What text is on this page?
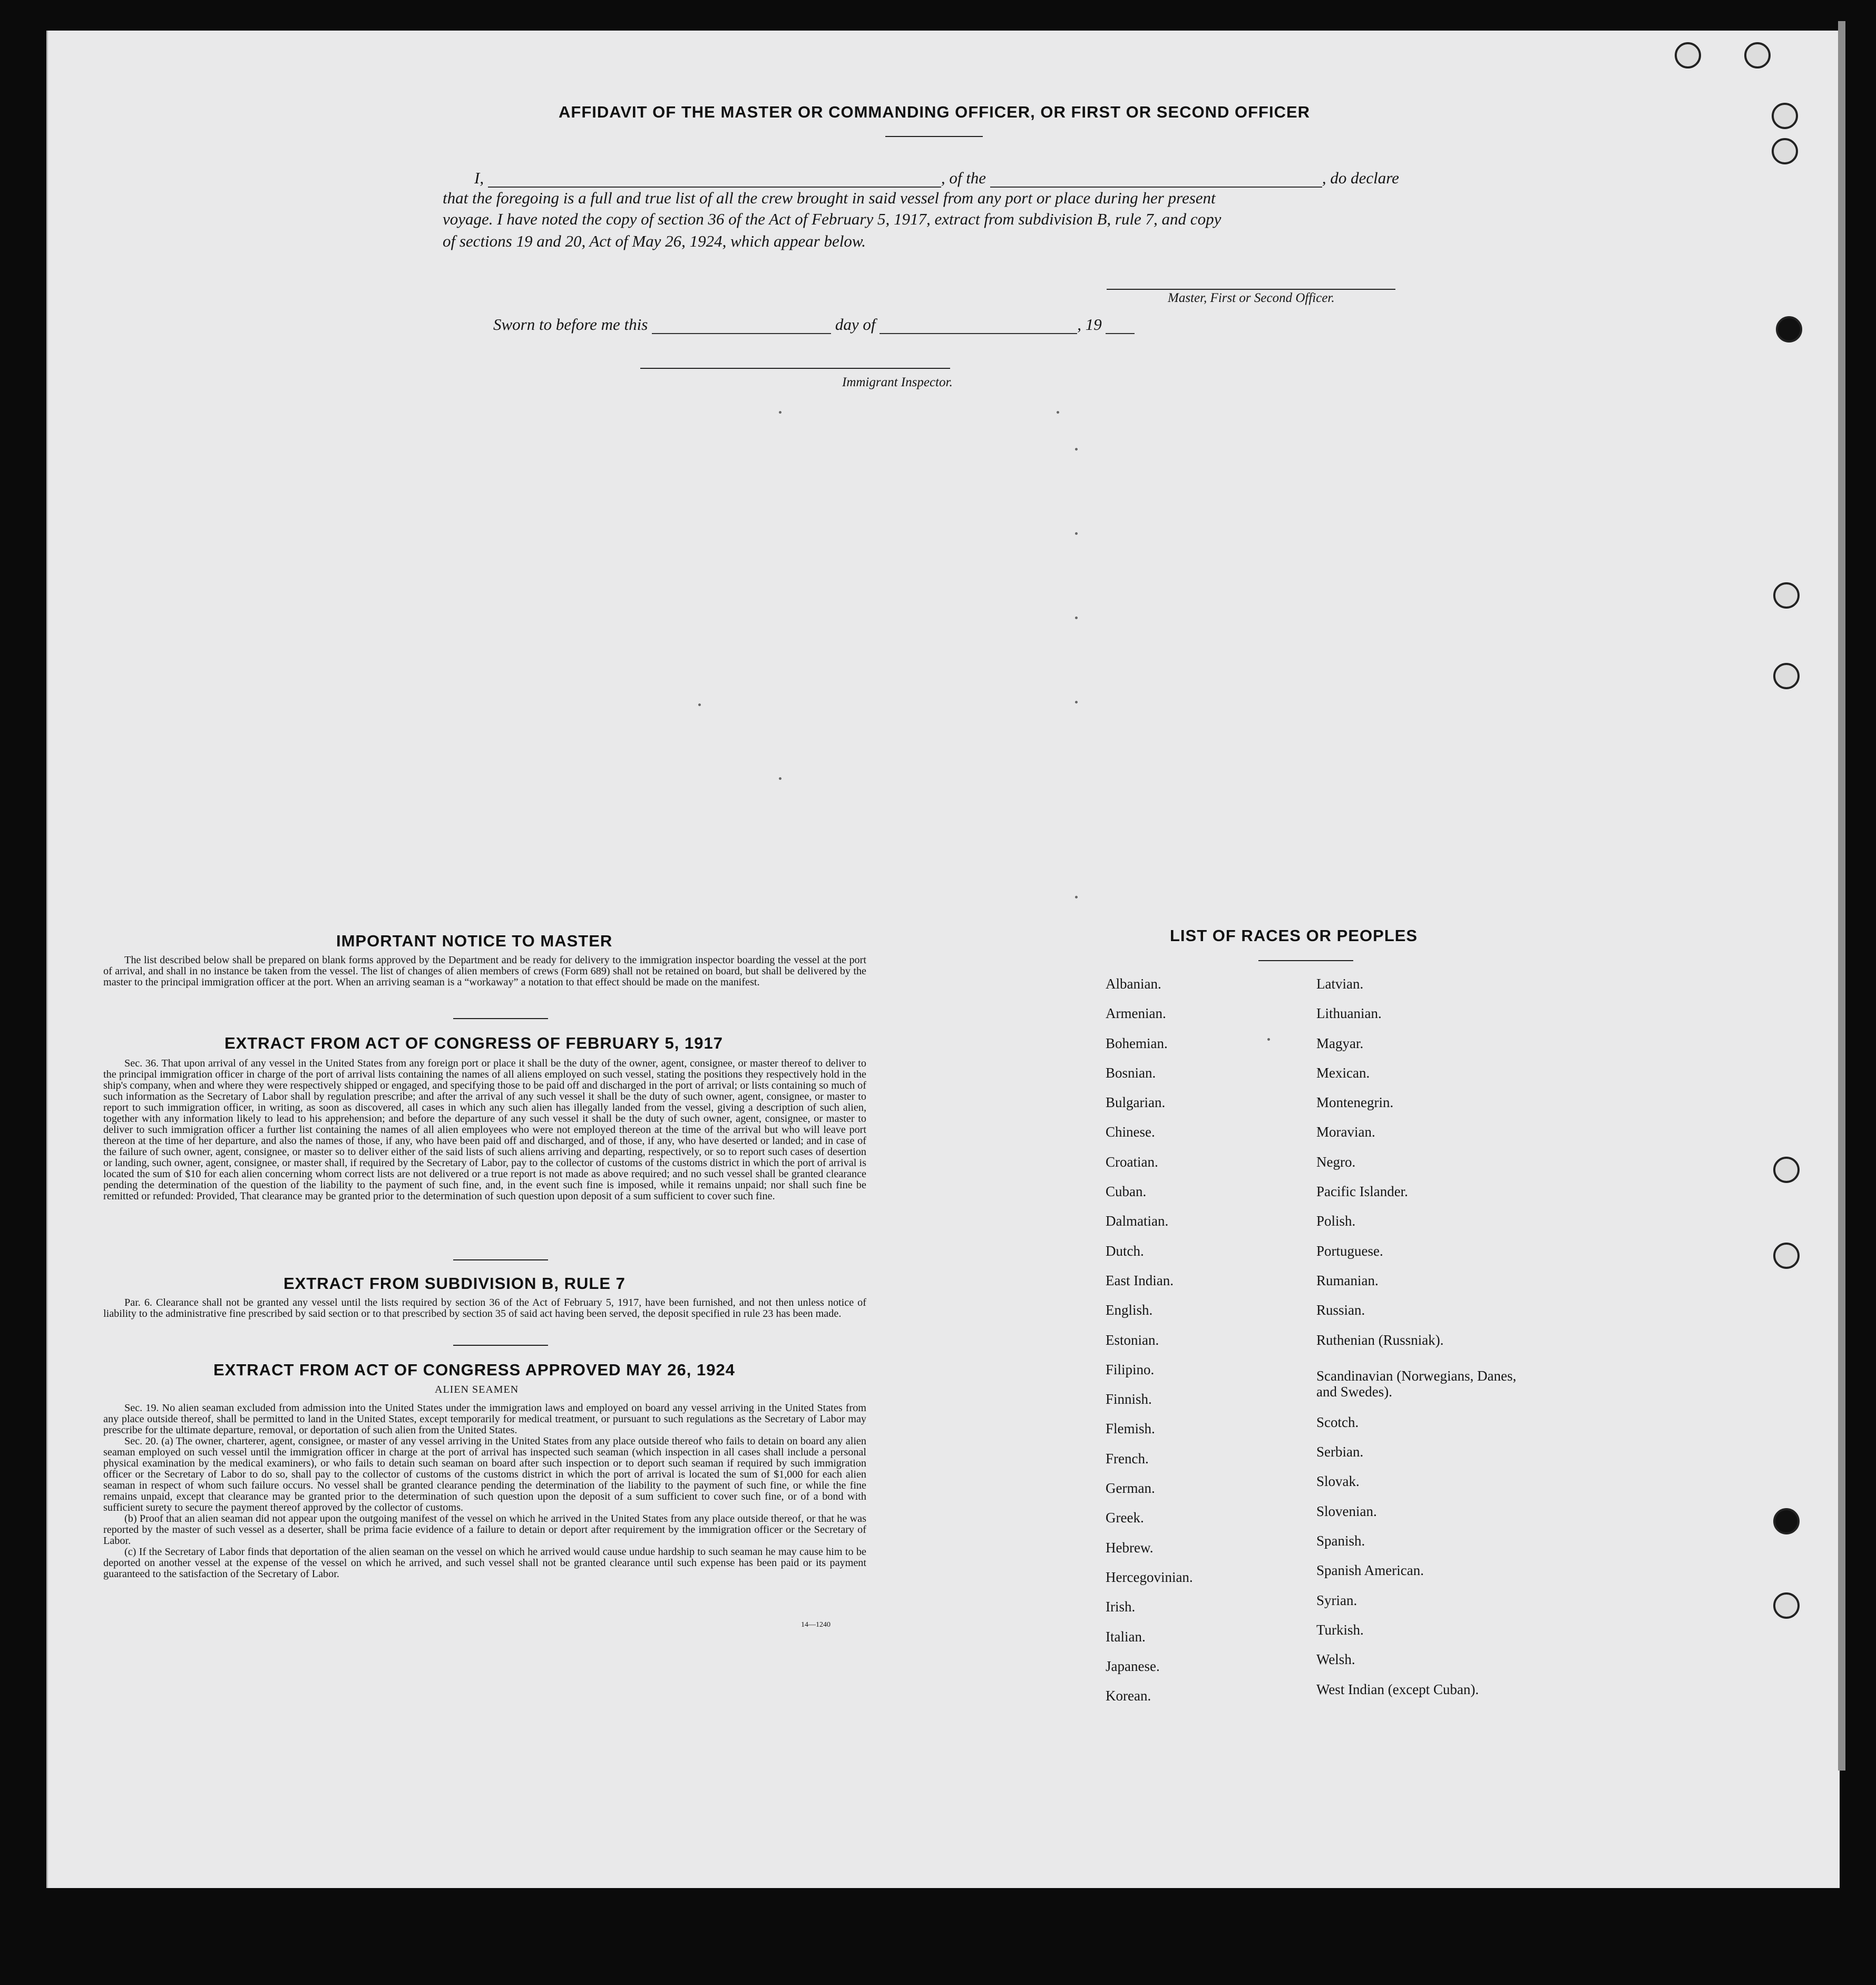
AFFIDAVIT OF THE MASTER OR COMMANDING OFFICER, OR FIRST OR SECOND OFFICER
I,	, of the	, do declare
that the foregoing is a full and true list of all the crew brought in said vessel from any port or place during her present
voyage. I have noted the copy of section 36 of the Act of February 5, 1917, extract from subdivision B, rule 7, and copy
of sections 19 and 20, Act of May 26, 1924, which appear below.
Master, First or Second Officer.
Sworn to before me this	day of	, 19
Immigrant Inspector.
IMPORTANT NOTICE TO MASTER

The list described below shall be prepared on blank forms approved by the Department and be ready for delivery to the immigration inspector boarding the vessel at the port of arrival, and shall in no instance be taken from the vessel. The list of changes of alien members of crews (Form 689) shall not be retained on board, but shall be delivered by the master to the principal immigration officer at the port. When an arriving seaman is a “workaway” a notation to that effect should be made on the manifest.

EXTRACT FROM ACT OF CONGRESS OF FEBRUARY 5, 1917

Sec. 36. That upon arrival of any vessel in the United States from any foreign port or place it shall be the duty of the owner, agent, consignee, or master thereof to deliver to the principal immigration officer in charge of the port of arrival lists containing the names of all aliens employed on such vessel, stating the positions they respectively hold in the ship's company, when and where they were respectively shipped or engaged, and specifying those to be paid off and discharged in the port of arrival; or lists containing so much of such information as the Secretary of Labor shall by regulation prescribe; and after the arrival of any such vessel it shall be the duty of such owner, agent, consignee, or master to report to such immigration officer, in writing, as soon as discovered, all cases in which any such alien has illegally landed from the vessel, giving a description of such alien, together with any information likely to lead to his apprehension; and before the departure of any such vessel it shall be the duty of such owner, agent, consignee, or master to deliver to such immigration officer a further list containing the names of all alien employees who were not employed thereon at the time of the arrival but who will leave port thereon at the time of her departure, and also the names of those, if any, who have been paid off and discharged, and of those, if any, who have deserted or landed; and in case of the failure of such owner, agent, consignee, or master so to deliver either of the said lists of such aliens arriving and departing, respectively, or so to report such cases of desertion or landing, such owner, agent, consignee, or master shall, if required by the Secretary of Labor, pay to the collector of customs of the customs district in which the port of arrival is located the sum of $10 for each alien concerning whom correct lists are not delivered or a true report is not made as above required; and no such vessel shall be granted clearance pending the determination of the question of the liability to the payment of such fine, and, in the event such fine is imposed, while it remains unpaid; nor shall such fine be remitted or refunded: Provided, That clearance may be granted prior to the determination of such question upon deposit of a sum sufficient to cover such fine.

EXTRACT FROM SUBDIVISION B, RULE 7

Par. 6. Clearance shall not be granted any vessel until the lists required by section 36 of the Act of February 5, 1917, have been furnished, and not then unless notice of liability to the administrative fine prescribed by said section or to that prescribed by section 35 of said act having been served, the deposit specified in rule 23 has been made.

EXTRACT FROM ACT OF CONGRESS APPROVED MAY 26, 1924
ALIEN SEAMEN

Sec. 19. No alien seaman excluded from admission into the United States under the immigration laws and employed on board any vessel arriving in the United States from any place outside thereof, shall be permitted to land in the United States, except temporarily for medical treatment, or pursuant to such regulations as the Secretary of Labor may prescribe for the ultimate departure, removal, or deportation of such alien from the United States.

Sec. 20. (a) The owner, charterer, agent, consignee, or master of any vessel arriving in the United States from any place outside thereof who fails to detain on board any alien seaman employed on such vessel until the immigration officer in charge at the port of arrival has inspected such seaman (which inspection in all cases shall include a personal physical examination by the medical examiners), or who fails to detain such seaman on board after such inspection or to deport such seaman if required by such immigration officer or the Secretary of Labor to do so, shall pay to the collector of customs of the customs district in which the port of arrival is located the sum of $1,000 for each alien seaman in respect of whom such failure occurs. No vessel shall be granted clearance pending the determination of the liability to the payment of such fine, or while the fine remains unpaid, except that clearance may be granted prior to the determination of such question upon the deposit of a sum sufficient to cover such fine, or of a bond with sufficient surety to secure the payment thereof approved by the collector of customs.

(b) Proof that an alien seaman did not appear upon the outgoing manifest of the vessel on which he arrived in the United States from any place outside thereof, or that he was reported by the master of such vessel as a deserter, shall be prima facie evidence of a failure to detain or deport after requirement by the immigration officer or the Secretary of Labor.

(c) If the Secretary of Labor finds that deportation of the alien seaman on the vessel on which he arrived would cause undue hardship to such seaman he may cause him to be deported on another vessel at the expense of the vessel on which he arrived, and such vessel shall not be granted clearance until such expense has been paid or its payment guaranteed to the satisfaction of the Secretary of Labor.

14—1240
LIST OF RACES OR PEOPLES
Albanian.
Armenian.
Bohemian.
Bosnian.
Bulgarian.
Chinese.
Croatian.
Cuban.
Dalmatian.
Dutch.
East Indian.
English.
Estonian.
Filipino.
Finnish.
Flemish.
French.
German.
Greek.
Hebrew.
Hercegovinian.
Irish.
Italian.
Japanese.
Korean.
Latvian.
Lithuanian.
Magyar.
Mexican.
Montenegrin.
Moravian.
Negro.
Pacific Islander.
Polish.
Portuguese.
Rumanian.
Russian.
Ruthenian (Russniak).
Scandinavian (Norwegians, Danes, and Swedes).
Scotch.
Serbian.
Slovak.
Slovenian.
Spanish.
Spanish American.
Syrian.
Turkish.
Welsh.
West Indian (except Cuban).
